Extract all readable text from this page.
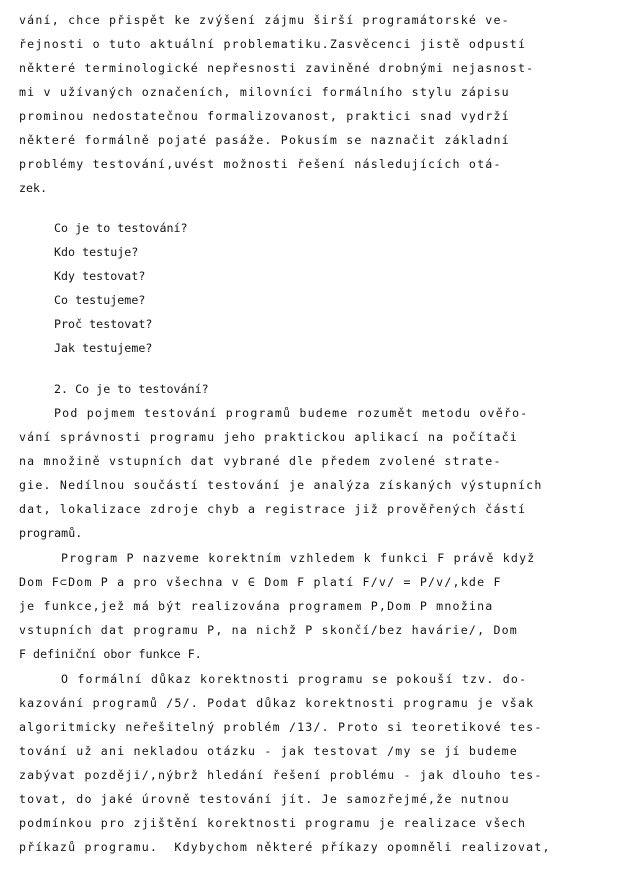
vání, chce přispět ke zvýšení zájmu širší programátorské ve-
řejnosti o tuto aktuální problematiku.Zasvěcenci jistě odpustí
některé terminologické nepřesnosti zaviněné drobnými nejasnost-
mi v užívaných označeních, milovníci formálního stylu zápisu
prominou nedostatečnou formalizovanost, praktici snad vydrží
některé formálně pojaté pasáže. Pokusím se naznačit základní
problémy testování,uvést možnosti řešení následujících otá-
zek.
Co je to testování?
Kdo testuje?
Kdy testovat?
Co testujeme?
Proč testovat?
Jak testujeme?
2. Co je to testování?
Pod pojmem testování programů budeme rozumět metodu ověřo-
vání správnosti programu jeho praktickou aplikací na počítači
na množině vstupních dat vybrané dle předem zvolené strate-
gie. Nedílnou součástí testování je analýza získaných výstupních
dat, lokalizace zdroje chyb a registrace již prověřených částí
programů.
Program P nazveme korektním vzhledem k funkci F právě když
Dom F⊂Dom P a pro všechna v ∈ Dom F platí F/v/ = P/v/,kde F
je funkce,jež má být realizována programem P,Dom P množina
vstupních dat programu P, na nichž P skončí/bez havárie/, Dom
F definiční obor funkce F.
O formální důkaz korektnosti programu se pokouší tzv. do-
kazování programů /5/. Podat důkaz korektnosti programu je však
algoritmicky neřešitelný problém /13/. Proto si teoretikové tes-
tování už ani nekladou otázku - jak testovat /my se jí budeme
zabývat později/,nýbrž hledání řešení problému - jak dlouho tes-
tovat, do jaké úrovně testování jít. Je samozřejmé,že nutnou
podmínkou pro zjištění korektnosti programu je realizace všech
příkazů programu.  Kdybychom některé příkazy opomněli realizovat,
